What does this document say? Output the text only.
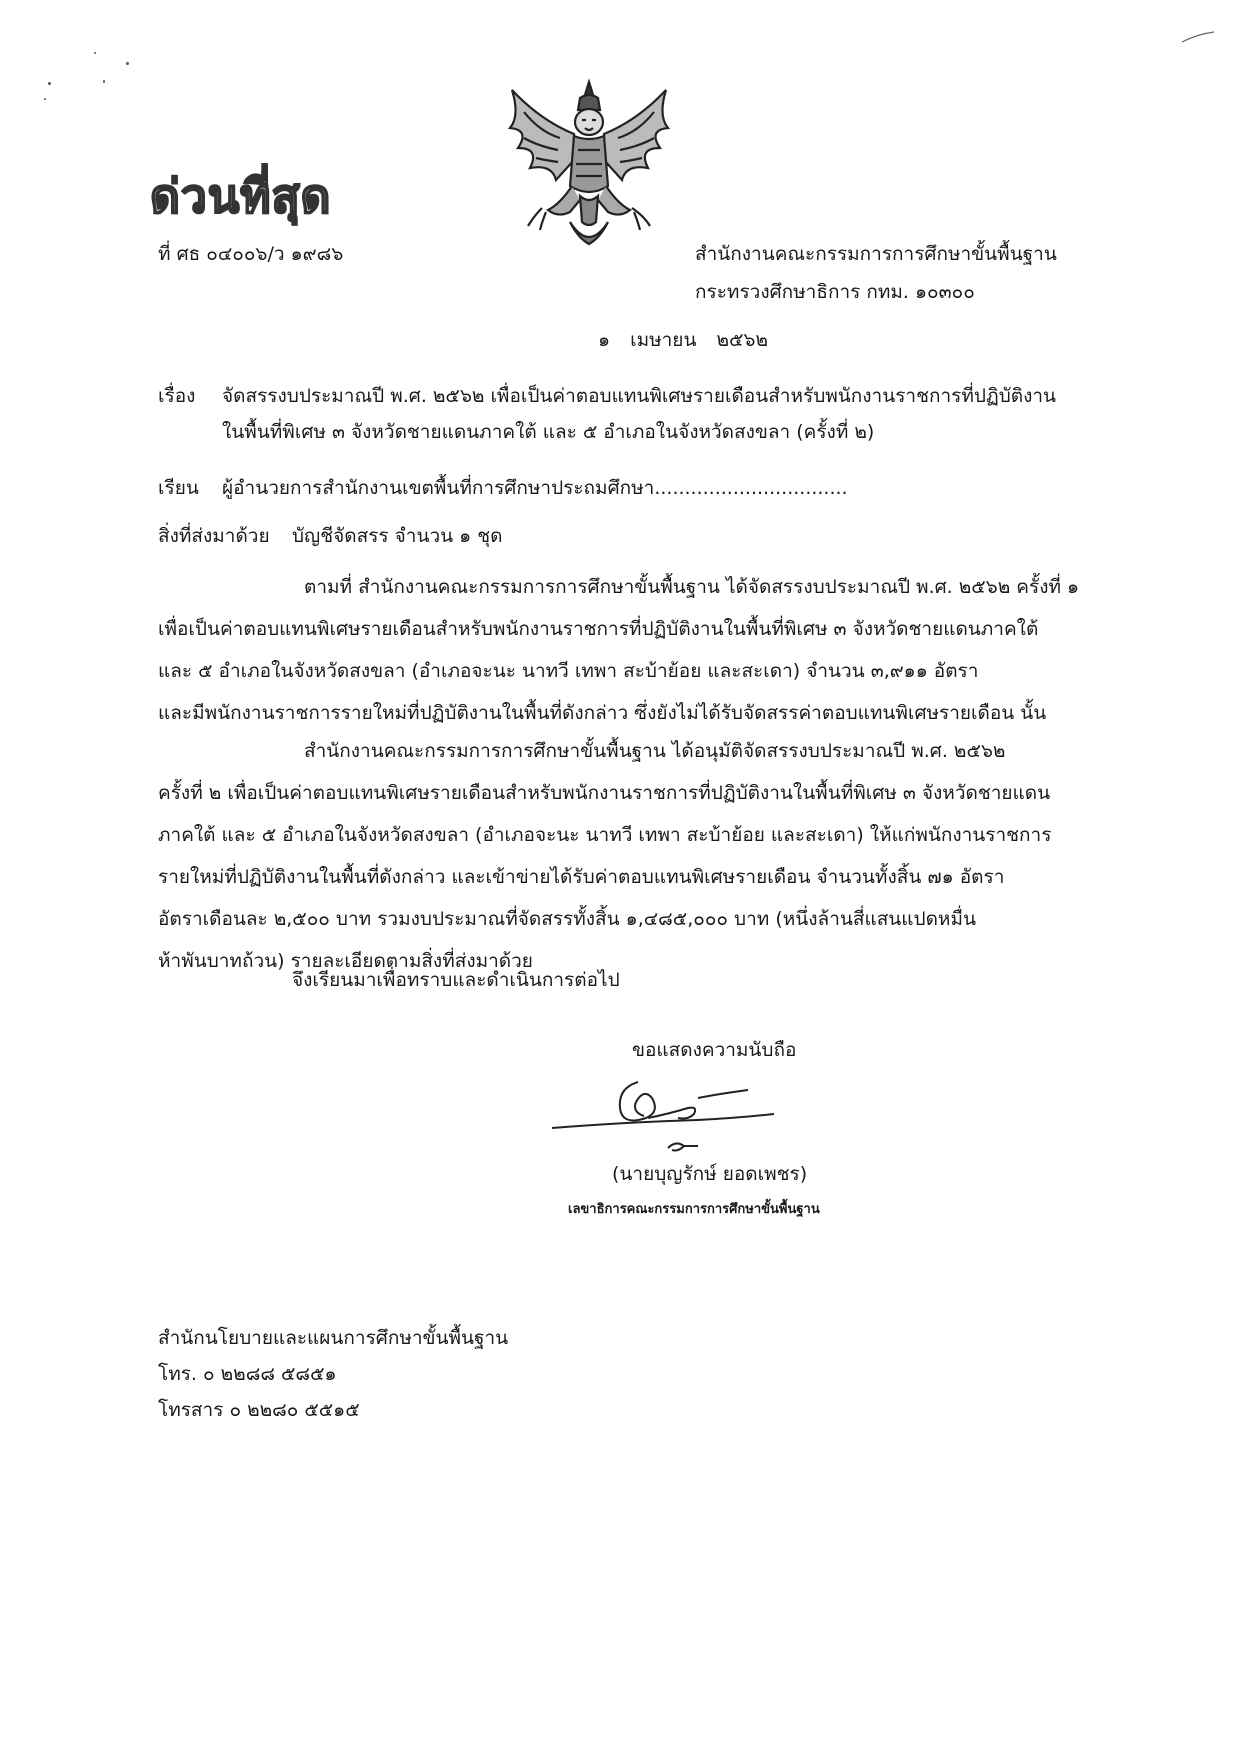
ด่วนที่สุด
ที่ ศธ ๐๔๐๐๖/ว ๑๙๘๖	สำนักงานคณะกรรมการการศึกษาขั้นพื้นฐาน
กระทรวงศึกษาธิการ กทม. ๑๐๓๐๐
๑ เมษายน ๒๕๖๒
เรื่อง จัดสรรงบประมาณปี พ.ศ. ๒๕๖๒ เพื่อเป็นค่าตอบแทนพิเศษรายเดือนสำหรับพนักงานราชการที่ปฏิบัติงาน
ในพื้นที่พิเศษ ๓ จังหวัดชายแดนภาคใต้ และ ๕ อำเภอในจังหวัดสงขลา (ครั้งที่ ๒)
เรียน ผู้อำนวยการสำนักงานเขตพื้นที่การศึกษาประถมศึกษา................................
สิ่งที่ส่งมาด้วย บัญชีจัดสรร จำนวน ๑ ชุด
ตามที่ สำนักงานคณะกรรมการการศึกษาขั้นพื้นฐาน ได้จัดสรรงบประมาณปี พ.ศ. ๒๕๖๒ ครั้งที่ ๑
เพื่อเป็นค่าตอบแทนพิเศษรายเดือนสำหรับพนักงานราชการที่ปฏิบัติงานในพื้นที่พิเศษ ๓ จังหวัดชายแดนภาคใต้
และ ๕ อำเภอในจังหวัดสงขลา (อำเภอจะนะ นาทวี เทพา สะบ้าย้อย และสะเดา) จำนวน ๓,๙๑๑ อัตรา
และมีพนักงานราชการรายใหม่ที่ปฏิบัติงานในพื้นที่ดังกล่าว ซึ่งยังไม่ได้รับจัดสรรค่าตอบแทนพิเศษรายเดือน นั้น
สำนักงานคณะกรรมการการศึกษาขั้นพื้นฐาน ได้อนุมัติจัดสรรงบประมาณปี พ.ศ. ๒๕๖๒
ครั้งที่ ๒ เพื่อเป็นค่าตอบแทนพิเศษรายเดือนสำหรับพนักงานราชการที่ปฏิบัติงานในพื้นที่พิเศษ ๓ จังหวัดชายแดน
ภาคใต้ และ ๕ อำเภอในจังหวัดสงขลา (อำเภอจะนะ นาทวี เทพา สะบ้าย้อย และสะเดา) ให้แก่พนักงานราชการ
รายใหม่ที่ปฏิบัติงานในพื้นที่ดังกล่าว และเข้าข่ายได้รับค่าตอบแทนพิเศษรายเดือน จำนวนทั้งสิ้น ๗๑ อัตรา
อัตราเดือนละ ๒,๕๐๐ บาท รวมงบประมาณที่จัดสรรทั้งสิ้น ๑,๔๘๕,๐๐๐ บาท (หนึ่งล้านสี่แสนแปดหมื่น
ห้าพันบาทถ้วน) รายละเอียดตามสิ่งที่ส่งมาด้วย
จึงเรียนมาเพื่อทราบและดำเนินการต่อไป
ขอแสดงความนับถือ
(นายบุญรักษ์ ยอดเพชร)
เลขาธิการคณะกรรมการการศึกษาขั้นพื้นฐาน
สำนักนโยบายและแผนการศึกษาขั้นพื้นฐาน
โทร. ๐ ๒๒๘๘ ๕๘๕๑
โทรสาร ๐ ๒๒๘๐ ๕๕๑๕
